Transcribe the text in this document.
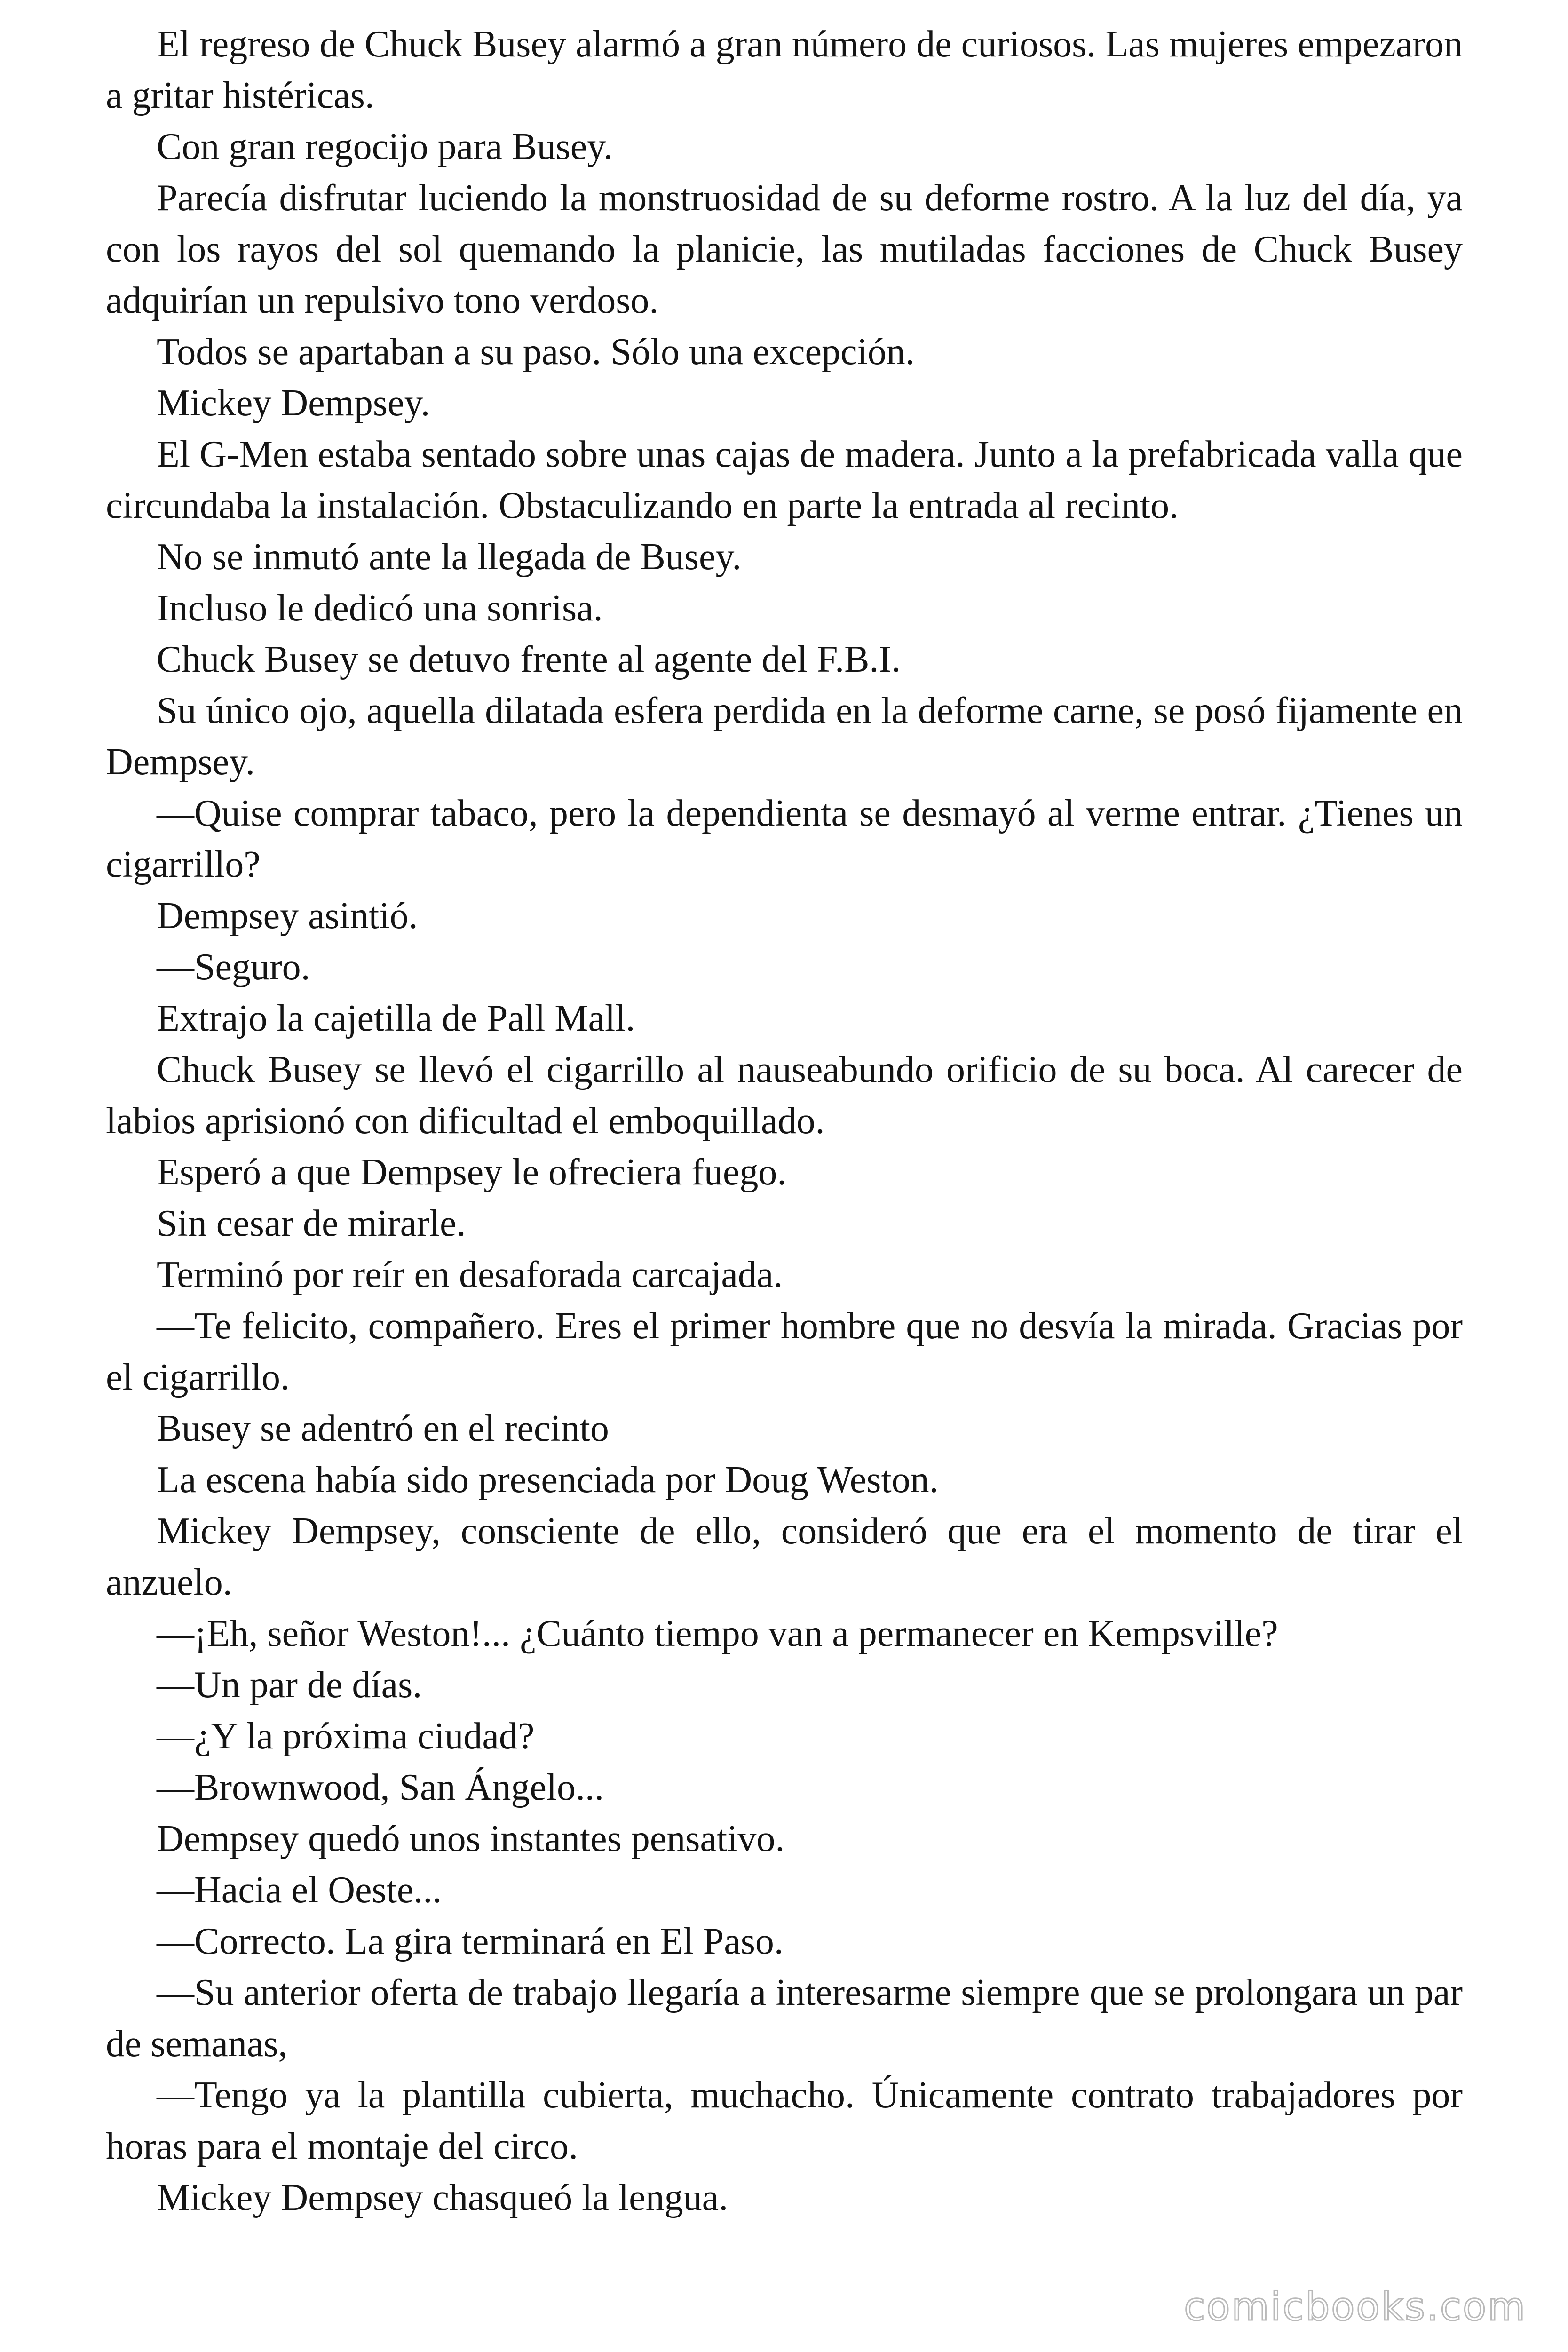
El regreso de Chuck Busey alarmó a gran número de curiosos. Las mujeres empezaron a gritar histéricas.

Con gran regocijo para Busey.

Parecía disfrutar luciendo la monstruosidad de su deforme rostro. A la luz del día, ya con los rayos del sol quemando la planicie, las mutiladas facciones de Chuck Busey adquirían un repulsivo tono verdoso.

Todos se apartaban a su paso. Sólo una excepción.

Mickey Dempsey.

El G-Men estaba sentado sobre unas cajas de madera. Junto a la prefabricada valla que circundaba la instalación. Obstaculizando en parte la entrada al recinto.

No se inmutó ante la llegada de Busey.

Incluso le dedicó una sonrisa.

Chuck Busey se detuvo frente al agente del F.B.I.

Su único ojo, aquella dilatada esfera perdida en la deforme carne, se posó fijamente en Dempsey.

—Quise comprar tabaco, pero la dependienta se desmayó al verme entrar. ¿Tienes un cigarrillo?

Dempsey asintió.

—Seguro.

Extrajo la cajetilla de Pall Mall.

Chuck Busey se llevó el cigarrillo al nauseabundo orificio de su boca. Al carecer de labios aprisionó con dificultad el emboquillado.

Esperó a que Dempsey le ofreciera fuego.

Sin cesar de mirarle.

Terminó por reír en desaforada carcajada.

—Te felicito, compañero. Eres el primer hombre que no desvía la mirada. Gracias por el cigarrillo.

Busey se adentró en el recinto

La escena había sido presenciada por Doug Weston.

Mickey Dempsey, consciente de ello, consideró que era el momento de tirar el anzuelo.

—¡Eh, señor Weston!... ¿Cuánto tiempo van a permanecer en Kempsville?

—Un par de días.

—¿Y la próxima ciudad?

—Brownwood, San Ángelo...

Dempsey quedó unos instantes pensativo.

—Hacia el Oeste...

—Correcto. La gira terminará en El Paso.

—Su anterior oferta de trabajo llegaría a interesarme siempre que se prolongara un par de semanas,

—Tengo ya la plantilla cubierta, muchacho. Únicamente contrato trabajadores por horas para el montaje del circo.

Mickey Dempsey chasqueó la lengua.

comicbooks.com
